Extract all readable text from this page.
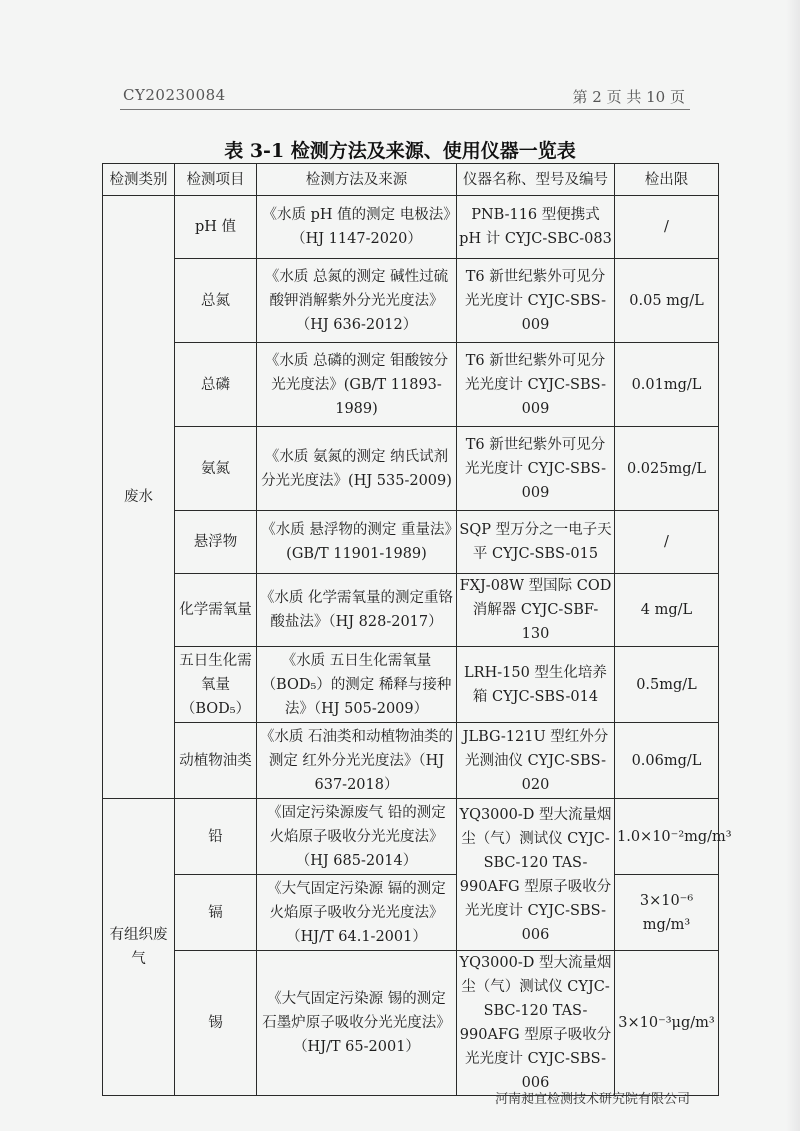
CY20230084	第 2 页 共 10 页
表 3-1 检测方法及来源、使用仪器一览表
检测类别	检测项目	检测方法及来源	仪器名称、型号及编号	检出限
废水	pH 值	《水质 pH 值的测定 电极法》（HJ 1147-2020）	PNB-116 型便携式 pH 计 CYJC-SBC-083	/
	总氮	《水质 总氮的测定 碱性过硫酸钾消解紫外分光光度法》（HJ 636-2012）	T6 新世纪紫外可见分光光度计 CYJC-SBS-009	0.05 mg/L
	总磷	《水质 总磷的测定 钼酸铵分光光度法》(GB/T 11893-1989)	T6 新世纪紫外可见分光光度计 CYJC-SBS-009	0.01mg/L
	氨氮	《水质 氨氮的测定 纳氏试剂分光光度法》(HJ 535-2009)	T6 新世纪紫外可见分光光度计 CYJC-SBS-009	0.025mg/L
	悬浮物	《水质 悬浮物的测定 重量法》(GB/T 11901-1989)	SQP 型万分之一电子天平 CYJC-SBS-015	/
	化学需氧量	《水质 化学需氧量的测定重铬酸盐法》（HJ 828-2017）	FXJ-08W 型国际 COD 消解器 CYJC-SBF-130	4 mg/L
	五日生化需氧量（BOD₅）	《水质 五日生化需氧量（BOD₅）的测定 稀释与接种法》（HJ 505-2009）	LRH-150 型生化培养箱 CYJC-SBS-014	0.5mg/L
	动植物油类	《水质 石油类和动植物油类的测定 红外分光光度法》（HJ 637-2018）	JLBG-121U 型红外分光测油仪 CYJC-SBS-020	0.06mg/L
有组织废气	铅	《固定污染源废气 铅的测定 火焰原子吸收分光光度法》（HJ 685-2014）	YQ3000-D 型大流量烟尘（气）测试仪 CYJC-SBC-120 TAS-990AFG 型原子吸收分光光度计 CYJC-SBS-006	1.0×10⁻²mg/m³
	镉	《大气固定污染源 镉的测定 火焰原子吸收分光光度法》（HJ/T 64.1-2001）		3×10⁻⁶ mg/m³
	锡	《大气固定污染源 锡的测定 石墨炉原子吸收分光光度法》（HJ/T 65-2001）	YQ3000-D 型大流量烟尘（气）测试仪 CYJC-SBC-120 TAS-990AFG 型原子吸收分光光度计 CYJC-SBS-006	3×10⁻³μg/m³
河南昶宜检测技术研究院有限公司
